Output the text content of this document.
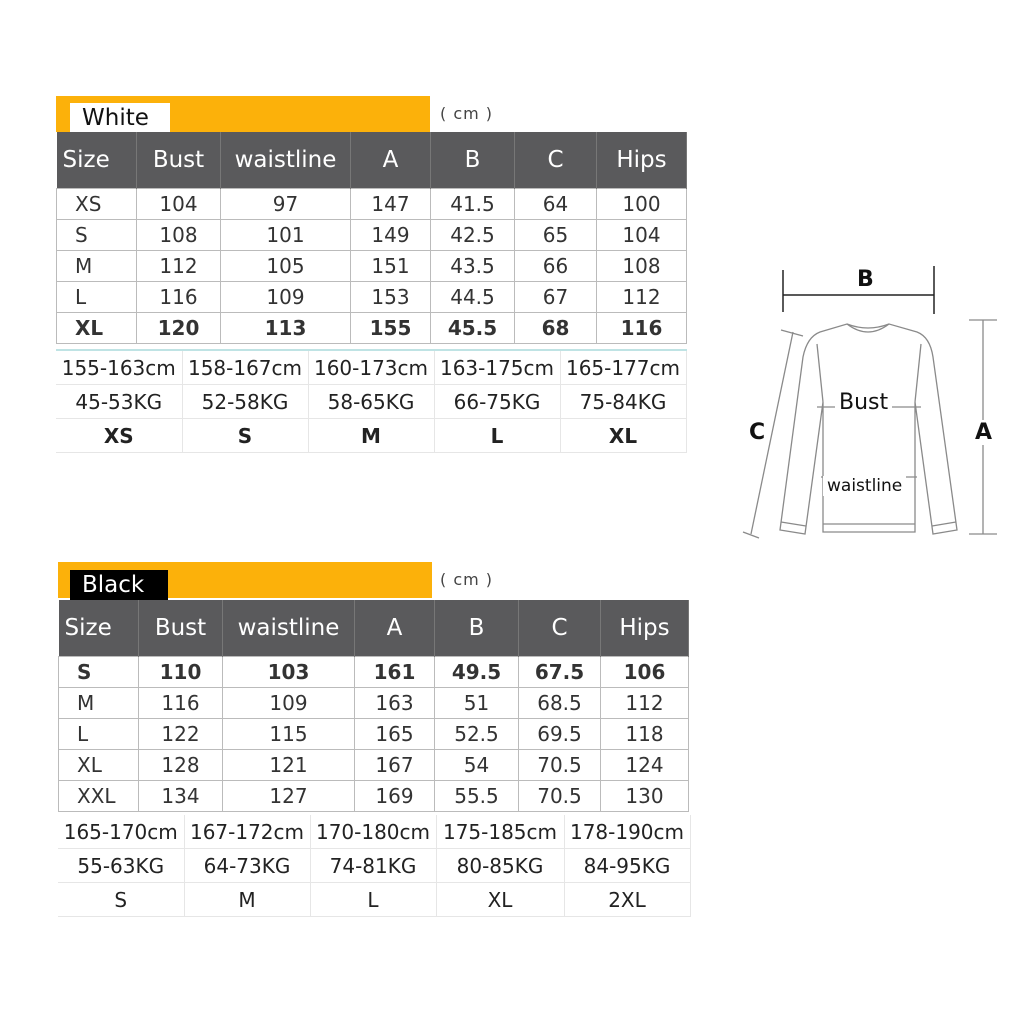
White	( cm )
Size	Bust	waistline	A	B	C	Hips
XS	104	97	147	41.5	64	100
S	108	101	149	42.5	65	104
M	112	105	151	43.5	66	108
L	116	109	153	44.5	67	112
XL	120	113	155	45.5	68	116
155-163cm	158-167cm	160-173cm	163-175cm	165-177cm
45-53KG	52-58KG	58-65KG	66-75KG	75-84KG
XS	S	M	L	XL
B
A
C
Bust
waistline
Black	( cm )
Size	Bust	waistline	A	B	C	Hips
S	110	103	161	49.5	67.5	106
M	116	109	163	51	68.5	112
L	122	115	165	52.5	69.5	118
XL	128	121	167	54	70.5	124
XXL	134	127	169	55.5	70.5	130
165-170cm	167-172cm	170-180cm	175-185cm	178-190cm
55-63KG	64-73KG	74-81KG	80-85KG	84-95KG
S	M	L	XL	2XL
